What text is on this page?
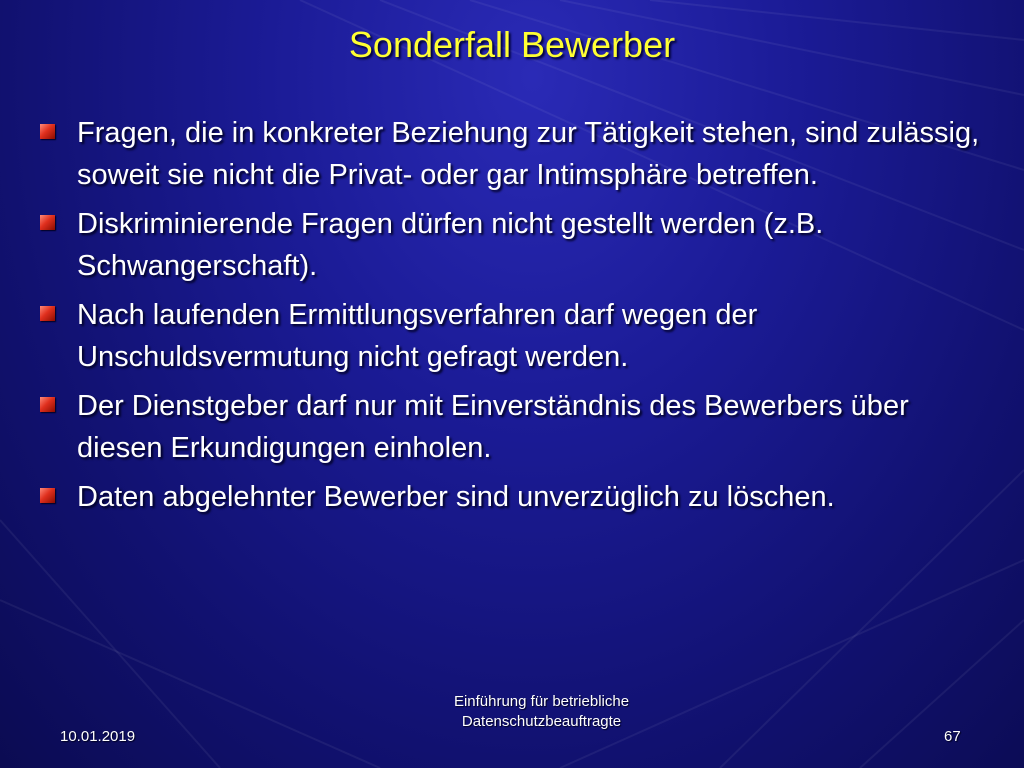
Sonderfall Bewerber
Fragen, die in konkreter Beziehung zur Tätigkeit stehen, sind zulässig, soweit sie nicht die Privat- oder gar Intimsphäre betreffen.
Diskriminierende Fragen dürfen nicht gestellt werden (z.B. Schwangerschaft).
Nach laufenden Ermittlungsverfahren darf wegen der Unschuldsvermutung nicht gefragt werden.
Der Dienstgeber darf nur mit Einverständnis des Bewerbers über diesen Erkundigungen einholen.
Daten abgelehnter Bewerber sind unverzüglich zu löschen.
Einführung für betriebliche
Datenschutzbeauftragte
10.01.2019	67
